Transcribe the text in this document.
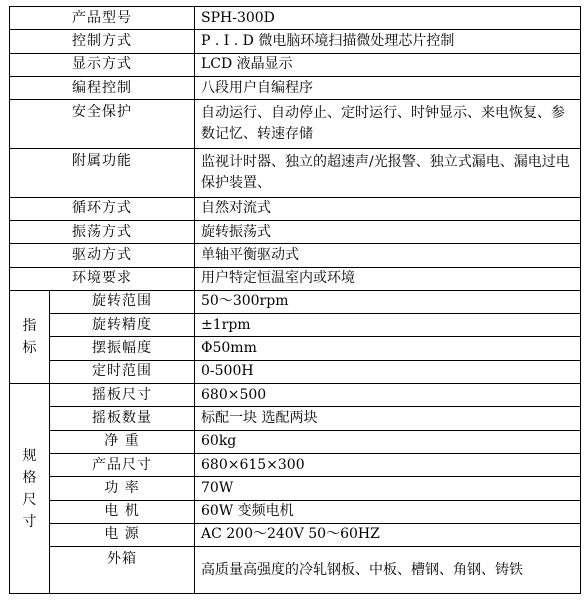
产品型号		SPH-300D
控制方式		P . I . D 微电脑环境扫描微处理芯片控制
显示方式		LCD 液晶显示
编程控制		八段用户自编程序
安全保护		自动运行、自动停止、定时运行、时钟显示、来电恢复、参数记忆、转速存储
附属功能		监视计时器、独立的超速声/光报警、独立式漏电、漏电过电保护装置、
循环方式		自然对流式
振荡方式		旋转振荡式
驱动方式		单轴平衡驱动式
环境要求		用户特定恒温室内或环境

指
标	旋转范围	50～300rpm
	旋转精度	±1rpm
	摆振幅度	Φ50mm
	定时范围	0-500H

规
格
尺
寸	摇板尺寸	680×500
	摇板数量	标配一块 选配两块
	净 重	60kg
	产品尺寸	680×615×300
	功 率	70W
	电 机	60W 变频电机
	电 源	AC 200～240V 50～60HZ
	外箱	高质量高强度的冷轧钢板、中板、槽钢、角钢、铸铁
